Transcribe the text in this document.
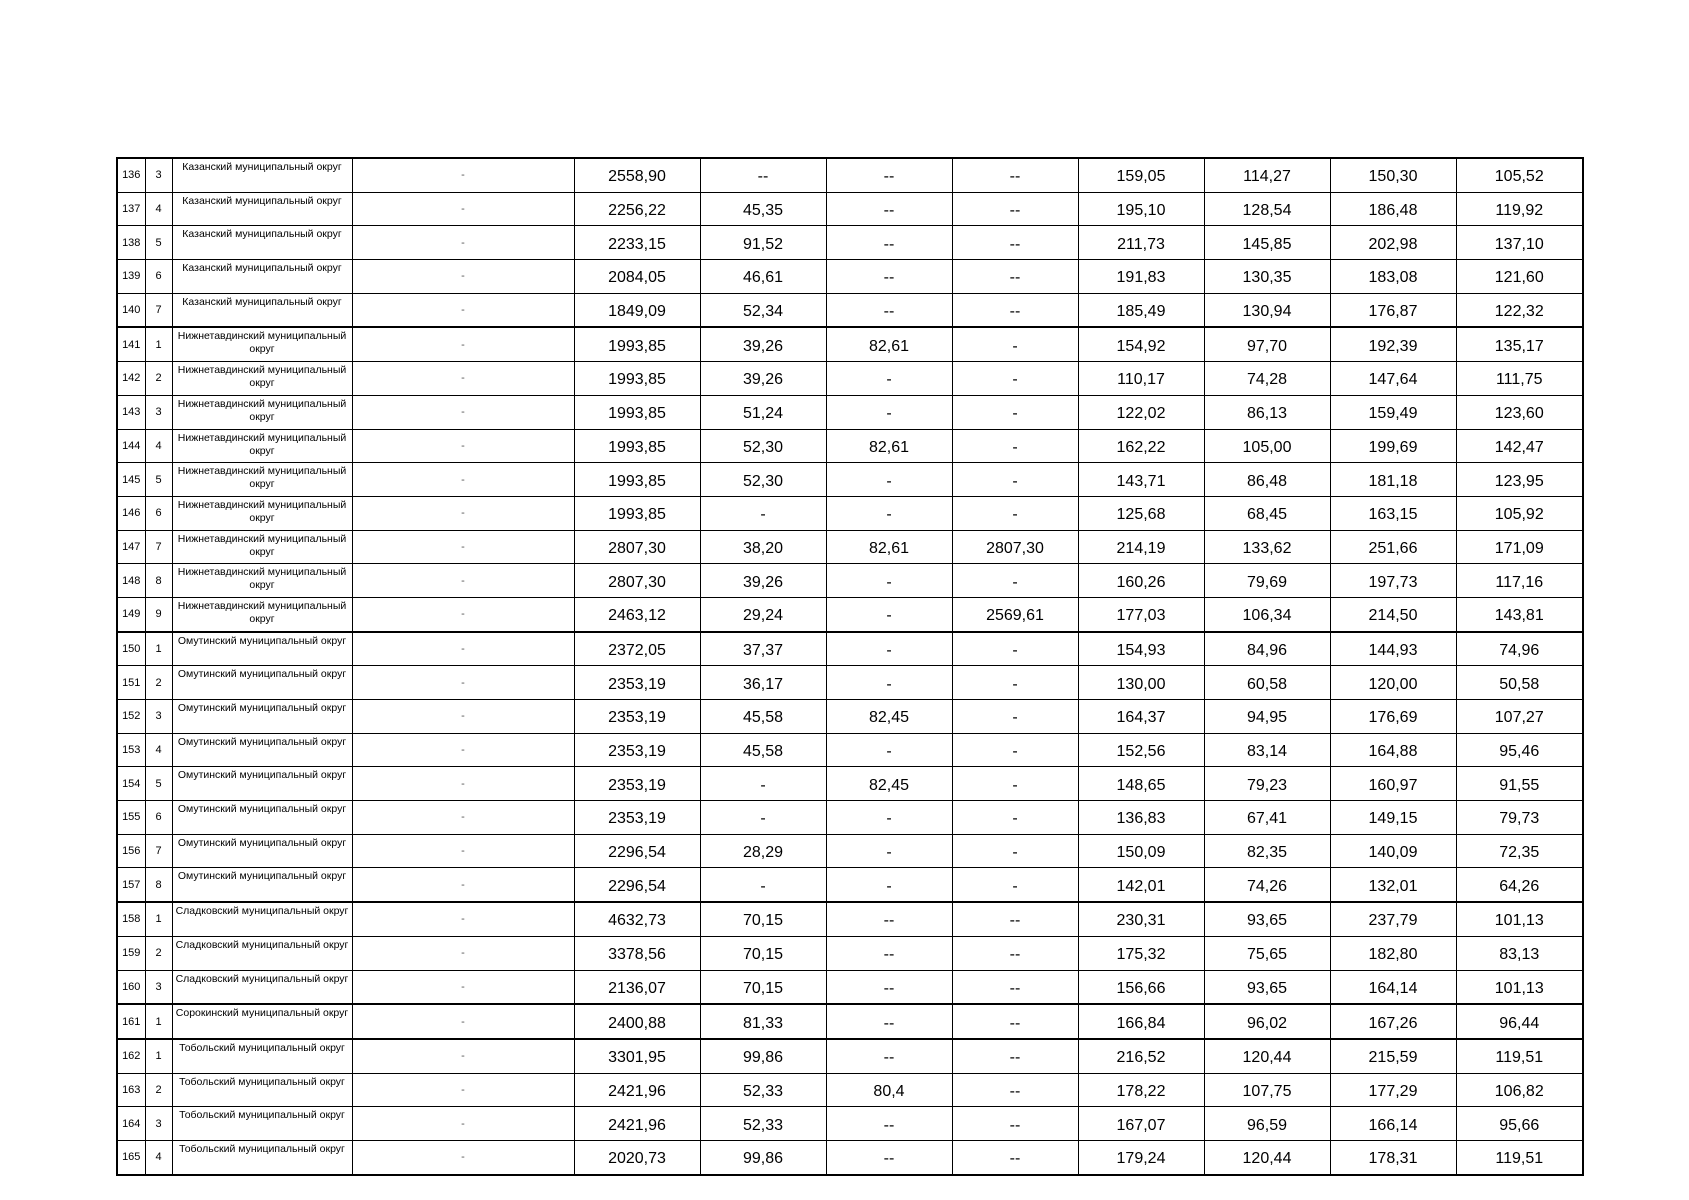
136	3	Казанский муниципальный округ	-	2558,90	--	--	--	159,05	114,27	150,30	105,52
137	4	Казанский муниципальный округ	-	2256,22	45,35	--	--	195,10	128,54	186,48	119,92
138	5	Казанский муниципальный округ	-	2233,15	91,52	--	--	211,73	145,85	202,98	137,10
139	6	Казанский муниципальный округ	-	2084,05	46,61	--	--	191,83	130,35	183,08	121,60
140	7	Казанский муниципальный округ	-	1849,09	52,34	--	--	185,49	130,94	176,87	122,32
141	1	Нижнетавдинский муниципальный округ	-	1993,85	39,26	82,61	-	154,92	97,70	192,39	135,17
142	2	Нижнетавдинский муниципальный округ	-	1993,85	39,26	-	-	110,17	74,28	147,64	111,75
143	3	Нижнетавдинский муниципальный округ	-	1993,85	51,24	-	-	122,02	86,13	159,49	123,60
144	4	Нижнетавдинский муниципальный округ	-	1993,85	52,30	82,61	-	162,22	105,00	199,69	142,47
145	5	Нижнетавдинский муниципальный округ	-	1993,85	52,30	-	-	143,71	86,48	181,18	123,95
146	6	Нижнетавдинский муниципальный округ	-	1993,85	-	-	-	125,68	68,45	163,15	105,92
147	7	Нижнетавдинский муниципальный округ	-	2807,30	38,20	82,61	2807,30	214,19	133,62	251,66	171,09
148	8	Нижнетавдинский муниципальный округ	-	2807,30	39,26	-	-	160,26	79,69	197,73	117,16
149	9	Нижнетавдинский муниципальный округ	-	2463,12	29,24	-	2569,61	177,03	106,34	214,50	143,81
150	1	Омутинский муниципальный округ	-	2372,05	37,37	-	-	154,93	84,96	144,93	74,96
151	2	Омутинский муниципальный округ	-	2353,19	36,17	-	-	130,00	60,58	120,00	50,58
152	3	Омутинский муниципальный округ	-	2353,19	45,58	82,45	-	164,37	94,95	176,69	107,27
153	4	Омутинский муниципальный округ	-	2353,19	45,58	-	-	152,56	83,14	164,88	95,46
154	5	Омутинский муниципальный округ	-	2353,19	-	82,45	-	148,65	79,23	160,97	91,55
155	6	Омутинский муниципальный округ	-	2353,19	-	-	-	136,83	67,41	149,15	79,73
156	7	Омутинский муниципальный округ	-	2296,54	28,29	-	-	150,09	82,35	140,09	72,35
157	8	Омутинский муниципальный округ	-	2296,54	-	-	-	142,01	74,26	132,01	64,26
158	1	Сладковский муниципальный округ	-	4632,73	70,15	--	--	230,31	93,65	237,79	101,13
159	2	Сладковский муниципальный округ	-	3378,56	70,15	--	--	175,32	75,65	182,80	83,13
160	3	Сладковский муниципальный округ	-	2136,07	70,15	--	--	156,66	93,65	164,14	101,13
161	1	Сорокинский муниципальный округ	-	2400,88	81,33	--	--	166,84	96,02	167,26	96,44
162	1	Тобольский муниципальный округ	-	3301,95	99,86	--	--	216,52	120,44	215,59	119,51
163	2	Тобольский муниципальный округ	-	2421,96	52,33	80,4	--	178,22	107,75	177,29	106,82
164	3	Тобольский муниципальный округ	-	2421,96	52,33	--	--	167,07	96,59	166,14	95,66
165	4	Тобольский муниципальный округ	-	2020,73	99,86	--	--	179,24	120,44	178,31	119,51
